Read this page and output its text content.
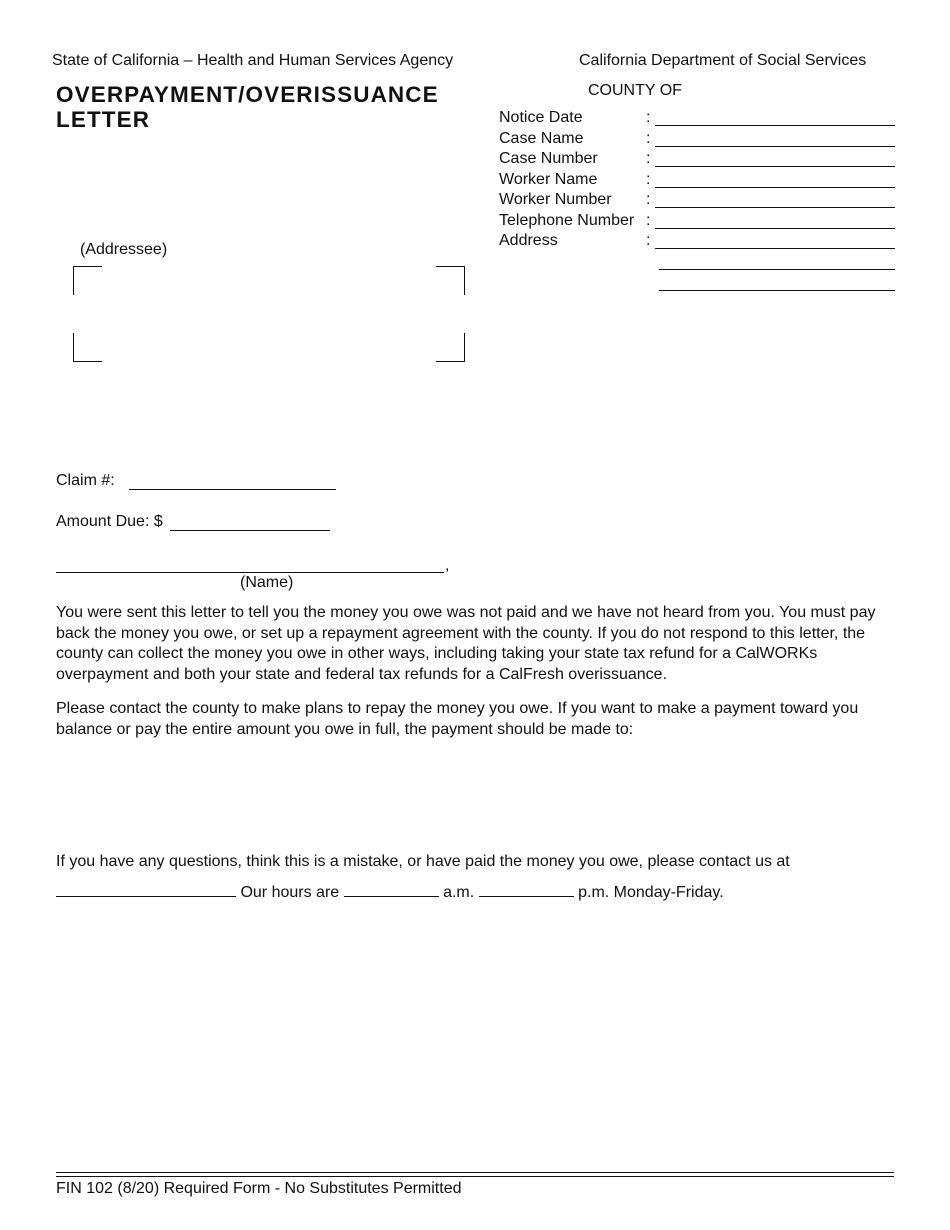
State of California – Health and Human Services Agency	California Department of Social Services
COUNTY OF
OVERPAYMENT/OVERISSUANCE
LETTER	Notice Date	:
Case Name	:
Case Number	:
Worker Name	:
Worker Number :
Telephone Number :
Address	:
(Addressee)
Claim #:
Amount Due: $
,
(Name)
You were sent this letter to tell you the money you owe was not paid and we have not heard from you. You must pay back the money you owe, or set up a repayment agreement with the county. If you do not respond to this letter, the county can collect the money you owe in other ways, including taking your state tax refund for a CalWORKs overpayment and both your state and federal tax refunds for a CalFresh overissuance.
Please contact the county to make plans to repay the money you owe. If you want to make a payment toward you balance or pay the entire amount you owe in full, the payment should be made to:
If you have any questions, think this is a mistake, or have paid the money you owe, please contact us at
Our hours are	a.m.	p.m. Monday-Friday.
FIN 102 (8/20) Required Form - No Substitutes Permitted
